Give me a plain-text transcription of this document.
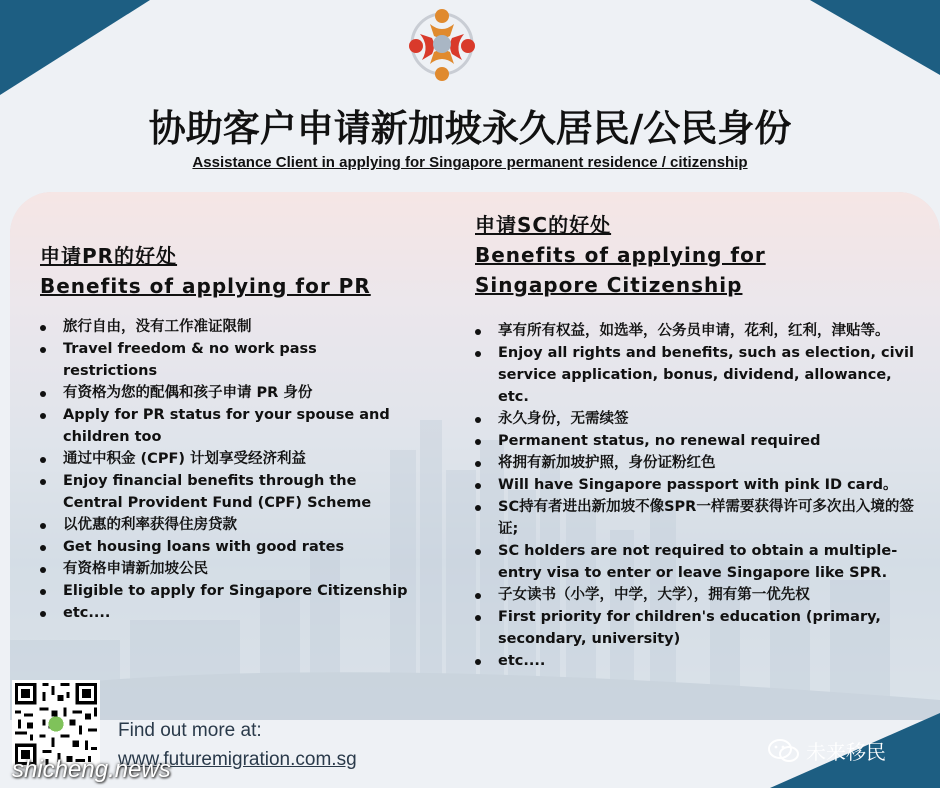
协助客户申请新加坡永久居民/公民身份

Assistance Client in applying for Singapore permanent residence / citizenship

申请PR的好处

Benefits of applying for PR

旅行自由，没有工作准证限制
Travel freedom & no work pass restrictions
有资格为您的配偶和孩子申请 PR 身份
Apply for PR status for your spouse and children too
通过中积金 (CPF) 计划享受经济利益
Enjoy financial benefits through the Central Provident Fund (CPF) Scheme
以优惠的利率获得住房贷款
Get housing loans with good rates
有资格申请新加坡公民
Eligible to apply for Singapore Citizenship
etc....

申请SC的好处

Benefits of applying for

Singapore Citizenship

享有所有权益，如选举，公务员申请，花利，红利，津贴等。
Enjoy all rights and benefits, such as election, civil service application, bonus, dividend, allowance, etc.
永久身份，无需续签
Permanent status, no renewal required
将拥有新加坡护照，身份证粉红色
Will have Singapore passport with pink ID card。
SC持有者进出新加坡不像SPR一样需要获得许可多次出入境的签证;
SC holders are not required to obtain a multiple-entry visa to enter or leave Singapore like SPR.
子女读书（小学，中学，大学），拥有第一优先权
First priority for children's education (primary, secondary, university)
etc....
Find out more at:
www.futuremigration.com.sg
shicheng.news
未来移民
